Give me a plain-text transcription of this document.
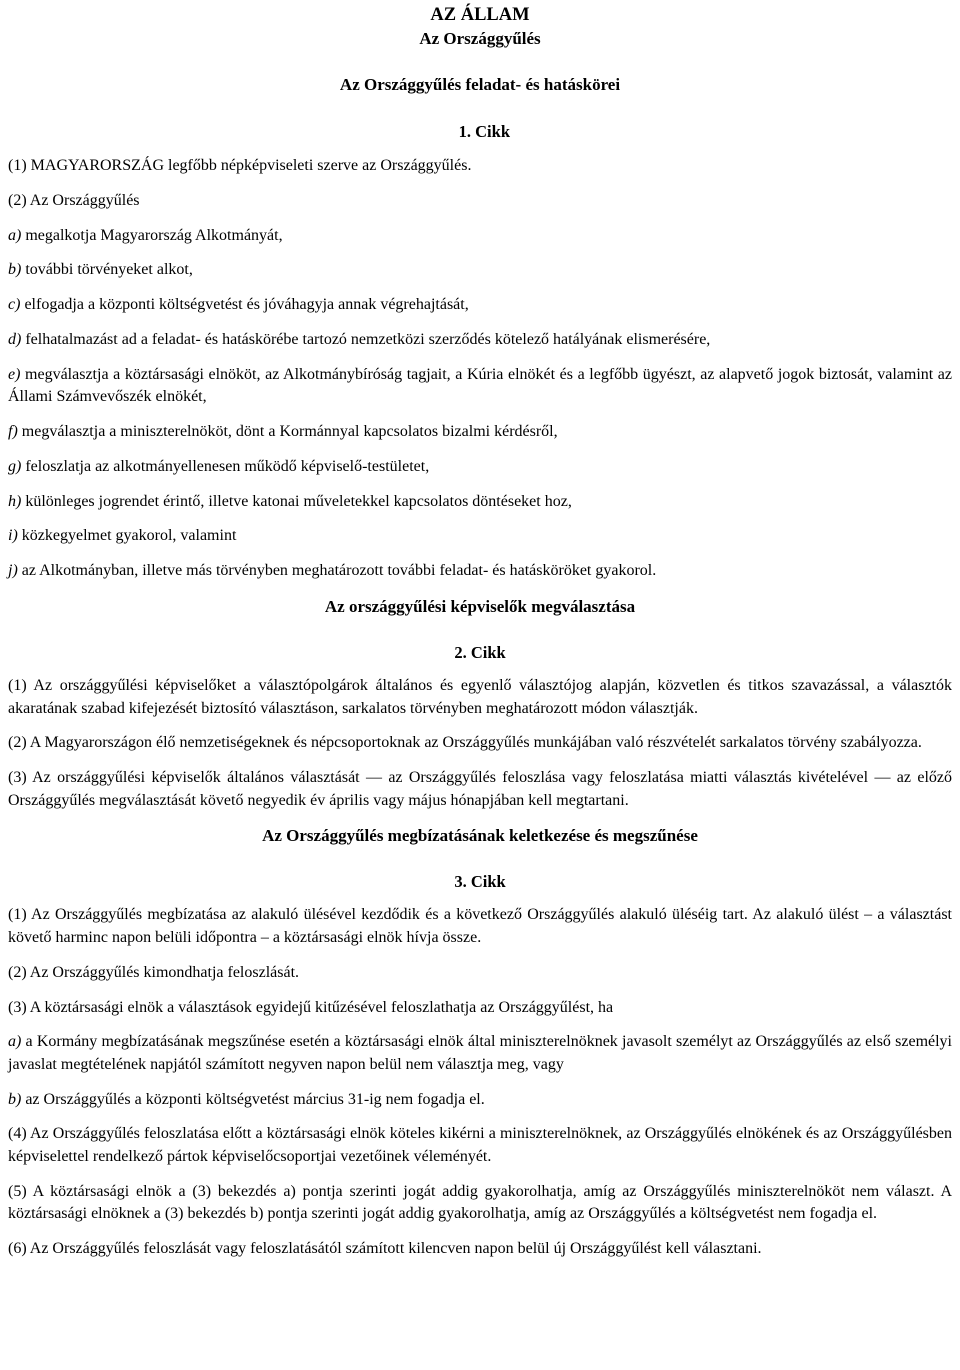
AZ ÁLLAM
Az Országgyűlés
Az Országgyűlés feladat- és hatáskörei
1. Cikk

(1) MAGYARORSZÁG legfőbb népképviseleti szerve az Országgyűlés.

(2) Az Országgyűlés

a) megalkotja Magyarország Alkotmányát,

b) további törvényeket alkot,

c) elfogadja a központi költségvetést és jóváhagyja annak végrehajtását,

d) felhatalmazást ad a feladat- és hatáskörébe tartozó nemzetközi szerződés kötelező hatályának elismerésére,

e) megválasztja a köztársasági elnököt, az Alkotmánybíróság tagjait, a Kúria elnökét és a legfőbb ügyészt, az alapvető jogok biztosát, valamint az Állami Számvevőszék elnökét,

f) megválasztja a miniszterelnököt, dönt a Kormánnyal kapcsolatos bizalmi kérdésről,

g) feloszlatja az alkotmányellenesen működő képviselő-testületet,

h) különleges jogrendet érintő, illetve katonai műveletekkel kapcsolatos döntéseket hoz,

i) közkegyelmet gyakorol, valamint

j) az Alkotmányban, illetve más törvényben meghatározott további feladat- és hatásköröket gyakorol.

Az országgyűlési képviselők megválasztása
2. Cikk

(1) Az országgyűlési képviselőket a választópolgárok általános és egyenlő választójog alapján, közvetlen és titkos szavazással, a választók akaratának szabad kifejezését biztosító választáson, sarkalatos törvényben meghatározott módon választják.

(2) A Magyarországon élő nemzetiségeknek és népcsoportoknak az Országgyűlés munkájában való részvételét sarkalatos törvény szabályozza.

(3) Az országgyűlési képviselők általános választását — az Országgyűlés feloszlása vagy feloszlatása miatti választás kivételével — az előző Országgyűlés megválasztását követő negyedik év április vagy május hónapjában kell megtartani.

Az Országgyűlés megbízatásának keletkezése és megszűnése
3. Cikk

(1) Az Országgyűlés megbízatása az alakuló ülésével kezdődik és a következő Országgyűlés alakuló üléséig tart. Az alakuló ülést – a választást követő harminc napon belüli időpontra – a köztársasági elnök hívja össze.

(2) Az Országgyűlés kimondhatja feloszlását.

(3) A köztársasági elnök a választások egyidejű kitűzésével feloszlathatja az Országgyűlést, ha

a) a Kormány megbízatásának megszűnése esetén a köztársasági elnök által miniszterelnöknek javasolt személyt az Országgyűlés az első személyi javaslat megtételének napjától számított negyven napon belül nem választja meg, vagy

b) az Országgyűlés a központi költségvetést március 31-ig nem fogadja el.

(4) Az Országgyűlés feloszlatása előtt a köztársasági elnök köteles kikérni a miniszterelnöknek, az Országgyűlés elnökének és az Országgyűlésben képviselettel rendelkező pártok képviselőcsoportjai vezetőinek véleményét.

(5) A köztársasági elnök a (3) bekezdés a) pontja szerinti jogát addig gyakorolhatja, amíg az Országgyűlés miniszterelnököt nem választ. A köztársasági elnöknek a (3) bekezdés b) pontja szerinti jogát addig gyakorolhatja, amíg az Országgyűlés a költségvetést nem fogadja el.

(6) Az Országgyűlés feloszlását vagy feloszlatásától számított kilencven napon belül új Országgyűlést kell választani.
